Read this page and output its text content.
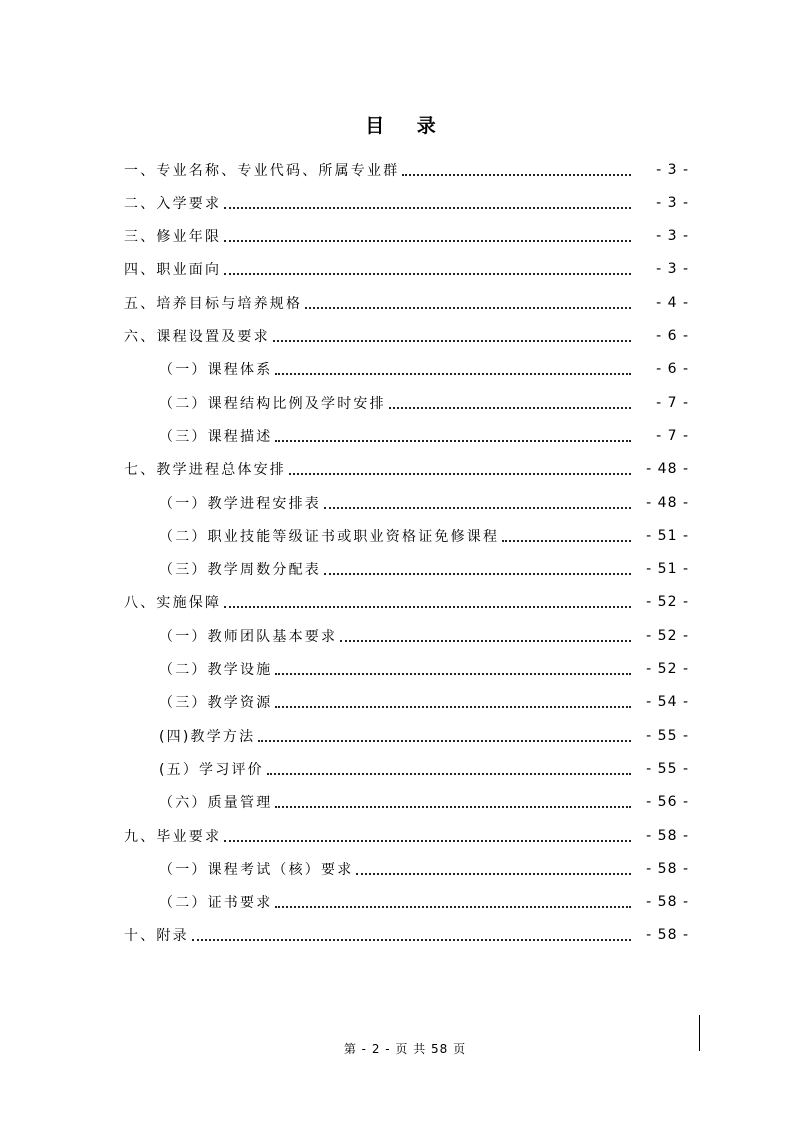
目 录
一、专业名称、专业代码、所属专业群	- 3 -
二、入学要求	- 3 -
三、修业年限	- 3 -
四、职业面向	- 3 -
五、培养目标与培养规格	- 4 -
六、课程设置及要求	- 6 -
（一）课程体系	- 6 -
（二）课程结构比例及学时安排	- 7 -
（三）课程描述	- 7 -
七、教学进程总体安排	- 48 -
（一）教学进程安排表	- 48 -
（二）职业技能等级证书或职业资格证免修课程	- 51 -
（三）教学周数分配表	- 51 -
八、实施保障	- 52 -
（一）教师团队基本要求	- 52 -
（二）教学设施	- 52 -
（三）教学资源	- 54 -
(四)教学方法	- 55 -
(五）学习评价	- 55 -
（六）质量管理	- 56 -
九、毕业要求	- 58 -
（一）课程考试（核）要求	- 58 -
（二）证书要求	- 58 -
十、附录	- 58 -
第 - 2 - 页 共 58 页
